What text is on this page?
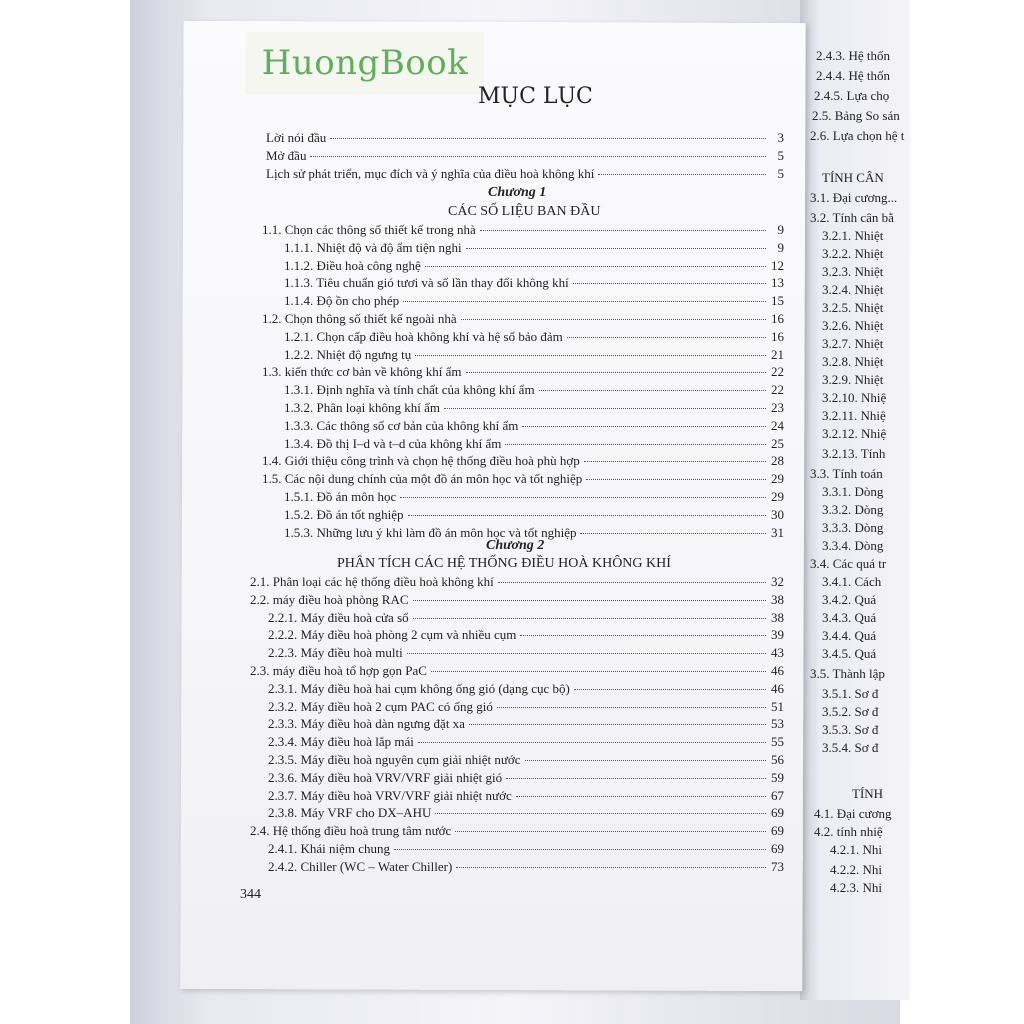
2.4.3. Hệ thốn
2.4.4. Hệ thốn
2.4.5. Lựa chọ
2.5. Bảng So sán
2.6. Lựa chọn hệ t
TÍNH CÂN
3.1. Đại cương...
3.2. Tính cân bằ
3.2.1. Nhiệt
3.2.2. Nhiệt
3.2.3. Nhiệt
3.2.4. Nhiệt
3.2.5. Nhiệt
3.2.6. Nhiệt
3.2.7. Nhiệt
3.2.8. Nhiệt
3.2.9. Nhiệt
3.2.10. Nhiệ
3.2.11. Nhiệ
3.2.12. Nhiệ
3.2.13. Tính
3.3. Tính toán
3.3.1. Dòng
3.3.2. Dòng
3.3.3. Dòng
3.3.4. Dòng
3.4. Các quá tr
3.4.1. Cách
3.4.2. Quá
3.4.3. Quá
3.4.4. Quá
3.4.5. Quá
3.5. Thành lập
3.5.1. Sơ đ
3.5.2. Sơ đ
3.5.3. Sơ đ
3.5.4. Sơ đ
TÍNH
4.1. Đại cương
4.2. tính nhiệ
4.2.1. Nhi
4.2.2. Nhi
4.2.3. Nhi
HuongBook
MỤC LỤC
Lời nói đầu	3
Mở đầu	5
Lịch sử phát triển, mục đích và ý nghĩa của điều hoà không khí	5
Chương 1
CÁC SỐ LIỆU BAN ĐẦU
1.1. Chọn các thông số thiết kế trong nhà	9
1.1.1. Nhiệt độ và độ ẩm tiện nghi	9
1.1.2. Điều hoà công nghệ	12
1.1.3. Tiêu chuẩn gió tươi và số lần thay đổi không khí	13
1.1.4. Độ ồn cho phép	15
1.2. Chọn thông số thiết kế ngoài nhà	16
1.2.1. Chọn cấp điều hoà không khí và hệ số bảo đảm	16
1.2.2. Nhiệt độ ngưng tụ	21
1.3. kiến thức cơ bản về không khí ẩm	22
1.3.1. Định nghĩa và tính chất của không khí ẩm	22
1.3.2. Phân loại không khí ẩm	23
1.3.3. Các thông số cơ bản của không khí ẩm	24
1.3.4. Đồ thị I–d và t–d của không khí ẩm	25
1.4. Giới thiệu công trình và chọn hệ thống điều hoà phù hợp	28
1.5. Các nội dung chính của một đồ án môn học và tốt nghiệp	29
1.5.1. Đồ án môn học	29
1.5.2. Đồ án tốt nghiệp	30
1.5.3. Những lưu ý khi làm đồ án môn học và tốt nghiệp	31
Chương 2
PHÂN TÍCH CÁC HỆ THỐNG ĐIỀU HOÀ KHÔNG KHÍ
2.1. Phân loại các hệ thống điều hoà không khí	32
2.2. máy điều hoà phòng RAC	38
2.2.1. Máy điều hoà cửa sổ	38
2.2.2. Máy điều hoà phòng 2 cụm và nhiều cụm	39
2.2.3. Máy điều hoà multi	43
2.3. máy điều hoà tổ hợp gọn PaC	46
2.3.1. Máy điều hoà hai cụm không ống gió (dạng cục bộ)	46
2.3.2. Máy điều hoà 2 cụm PAC có ống gió	51
2.3.3. Máy điều hoà dàn ngưng đặt xa	53
2.3.4. Máy điều hoà lắp mái	55
2.3.5. Máy điều hoà nguyên cụm giải nhiệt nước	56
2.3.6. Máy điều hoà VRV/VRF giải nhiệt gió	59
2.3.7. Máy điều hoà VRV/VRF giải nhiệt nước	67
2.3.8. Máy VRF cho DX–AHU	69
2.4. Hệ thống điều hoà trung tâm nước	69
2.4.1. Khái niệm chung	69
2.4.2. Chiller (WC – Water Chiller)	73
344
